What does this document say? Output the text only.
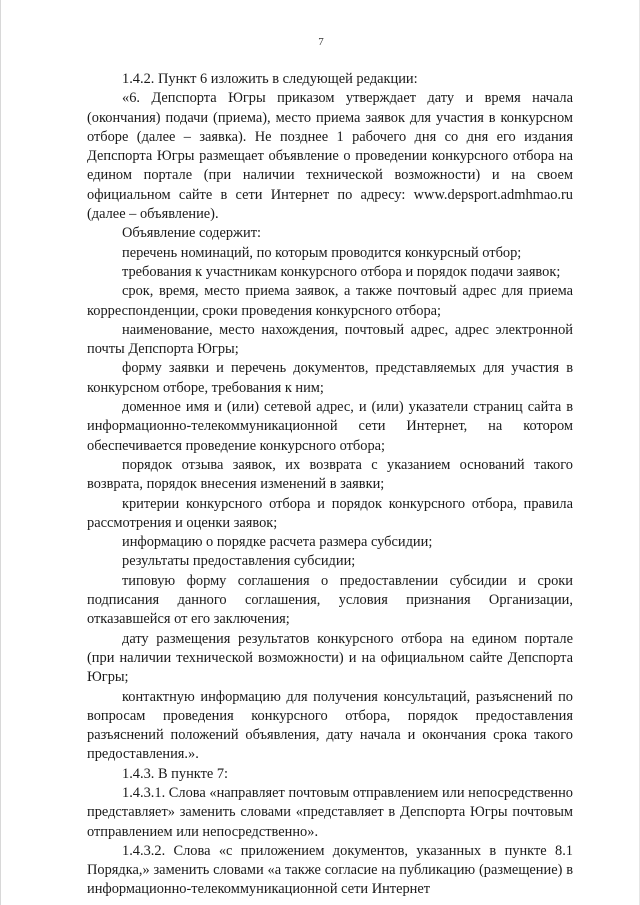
7

1.4.2. Пункт 6 изложить в следующей редакции:

«6. Депспорта Югры приказом утверждает дату и время начала (окончания) подачи (приема), место приема заявок для участия в конкурсном отборе (далее – заявка). Не позднее 1 рабочего дня со дня его издания Депспорта Югры размещает объявление о проведении конкурсного отбора на едином портале (при наличии технической возможности) и на своем официальном сайте в сети Интернет по адресу: www.depsport.admhmao.ru (далее – объявление).

Объявление содержит:

перечень номинаций, по которым проводится конкурсный отбор;

требования к участникам конкурсного отбора и порядок подачи заявок;

срок, время, место приема заявок, а также почтовый адрес для приема корреспонденции, сроки проведения конкурсного отбора;

наименование, место нахождения, почтовый адрес, адрес электронной почты Депспорта Югры;

форму заявки и перечень документов, представляемых для участия в конкурсном отборе, требования к ним;

доменное имя и (или) сетевой адрес, и (или) указатели страниц сайта в информационно-телекоммуникационной сети Интернет, на котором обеспечивается проведение конкурсного отбора;

порядок отзыва заявок, их возврата с указанием оснований такого возврата, порядок внесения изменений в заявки;

критерии конкурсного отбора и порядок конкурсного отбора, правила рассмотрения и оценки заявок;

информацию о порядке расчета размера субсидии;

результаты предоставления субсидии;

типовую форму соглашения о предоставлении субсидии и сроки подписания данного соглашения, условия признания Организации, отказавшейся от его заключения;

дату размещения результатов конкурсного отбора на едином портале (при наличии технической возможности) и на официальном сайте Депспорта Югры;

контактную информацию для получения консультаций, разъяснений по вопросам проведения конкурсного отбора, порядок предоставления разъяснений положений объявления, дату начала и окончания срока такого предоставления.».

1.4.3. В пункте 7:

1.4.3.1. Слова «направляет почтовым отправлением или непосредственно представляет» заменить словами «представляет в Депспорта Югры почтовым отправлением или непосредственно».

1.4.3.2. Слова «с приложением документов, указанных в пункте 8.1 Порядка,» заменить словами «а также согласие на публикацию (размещение) в информационно-телекоммуникационной сети Интернет
